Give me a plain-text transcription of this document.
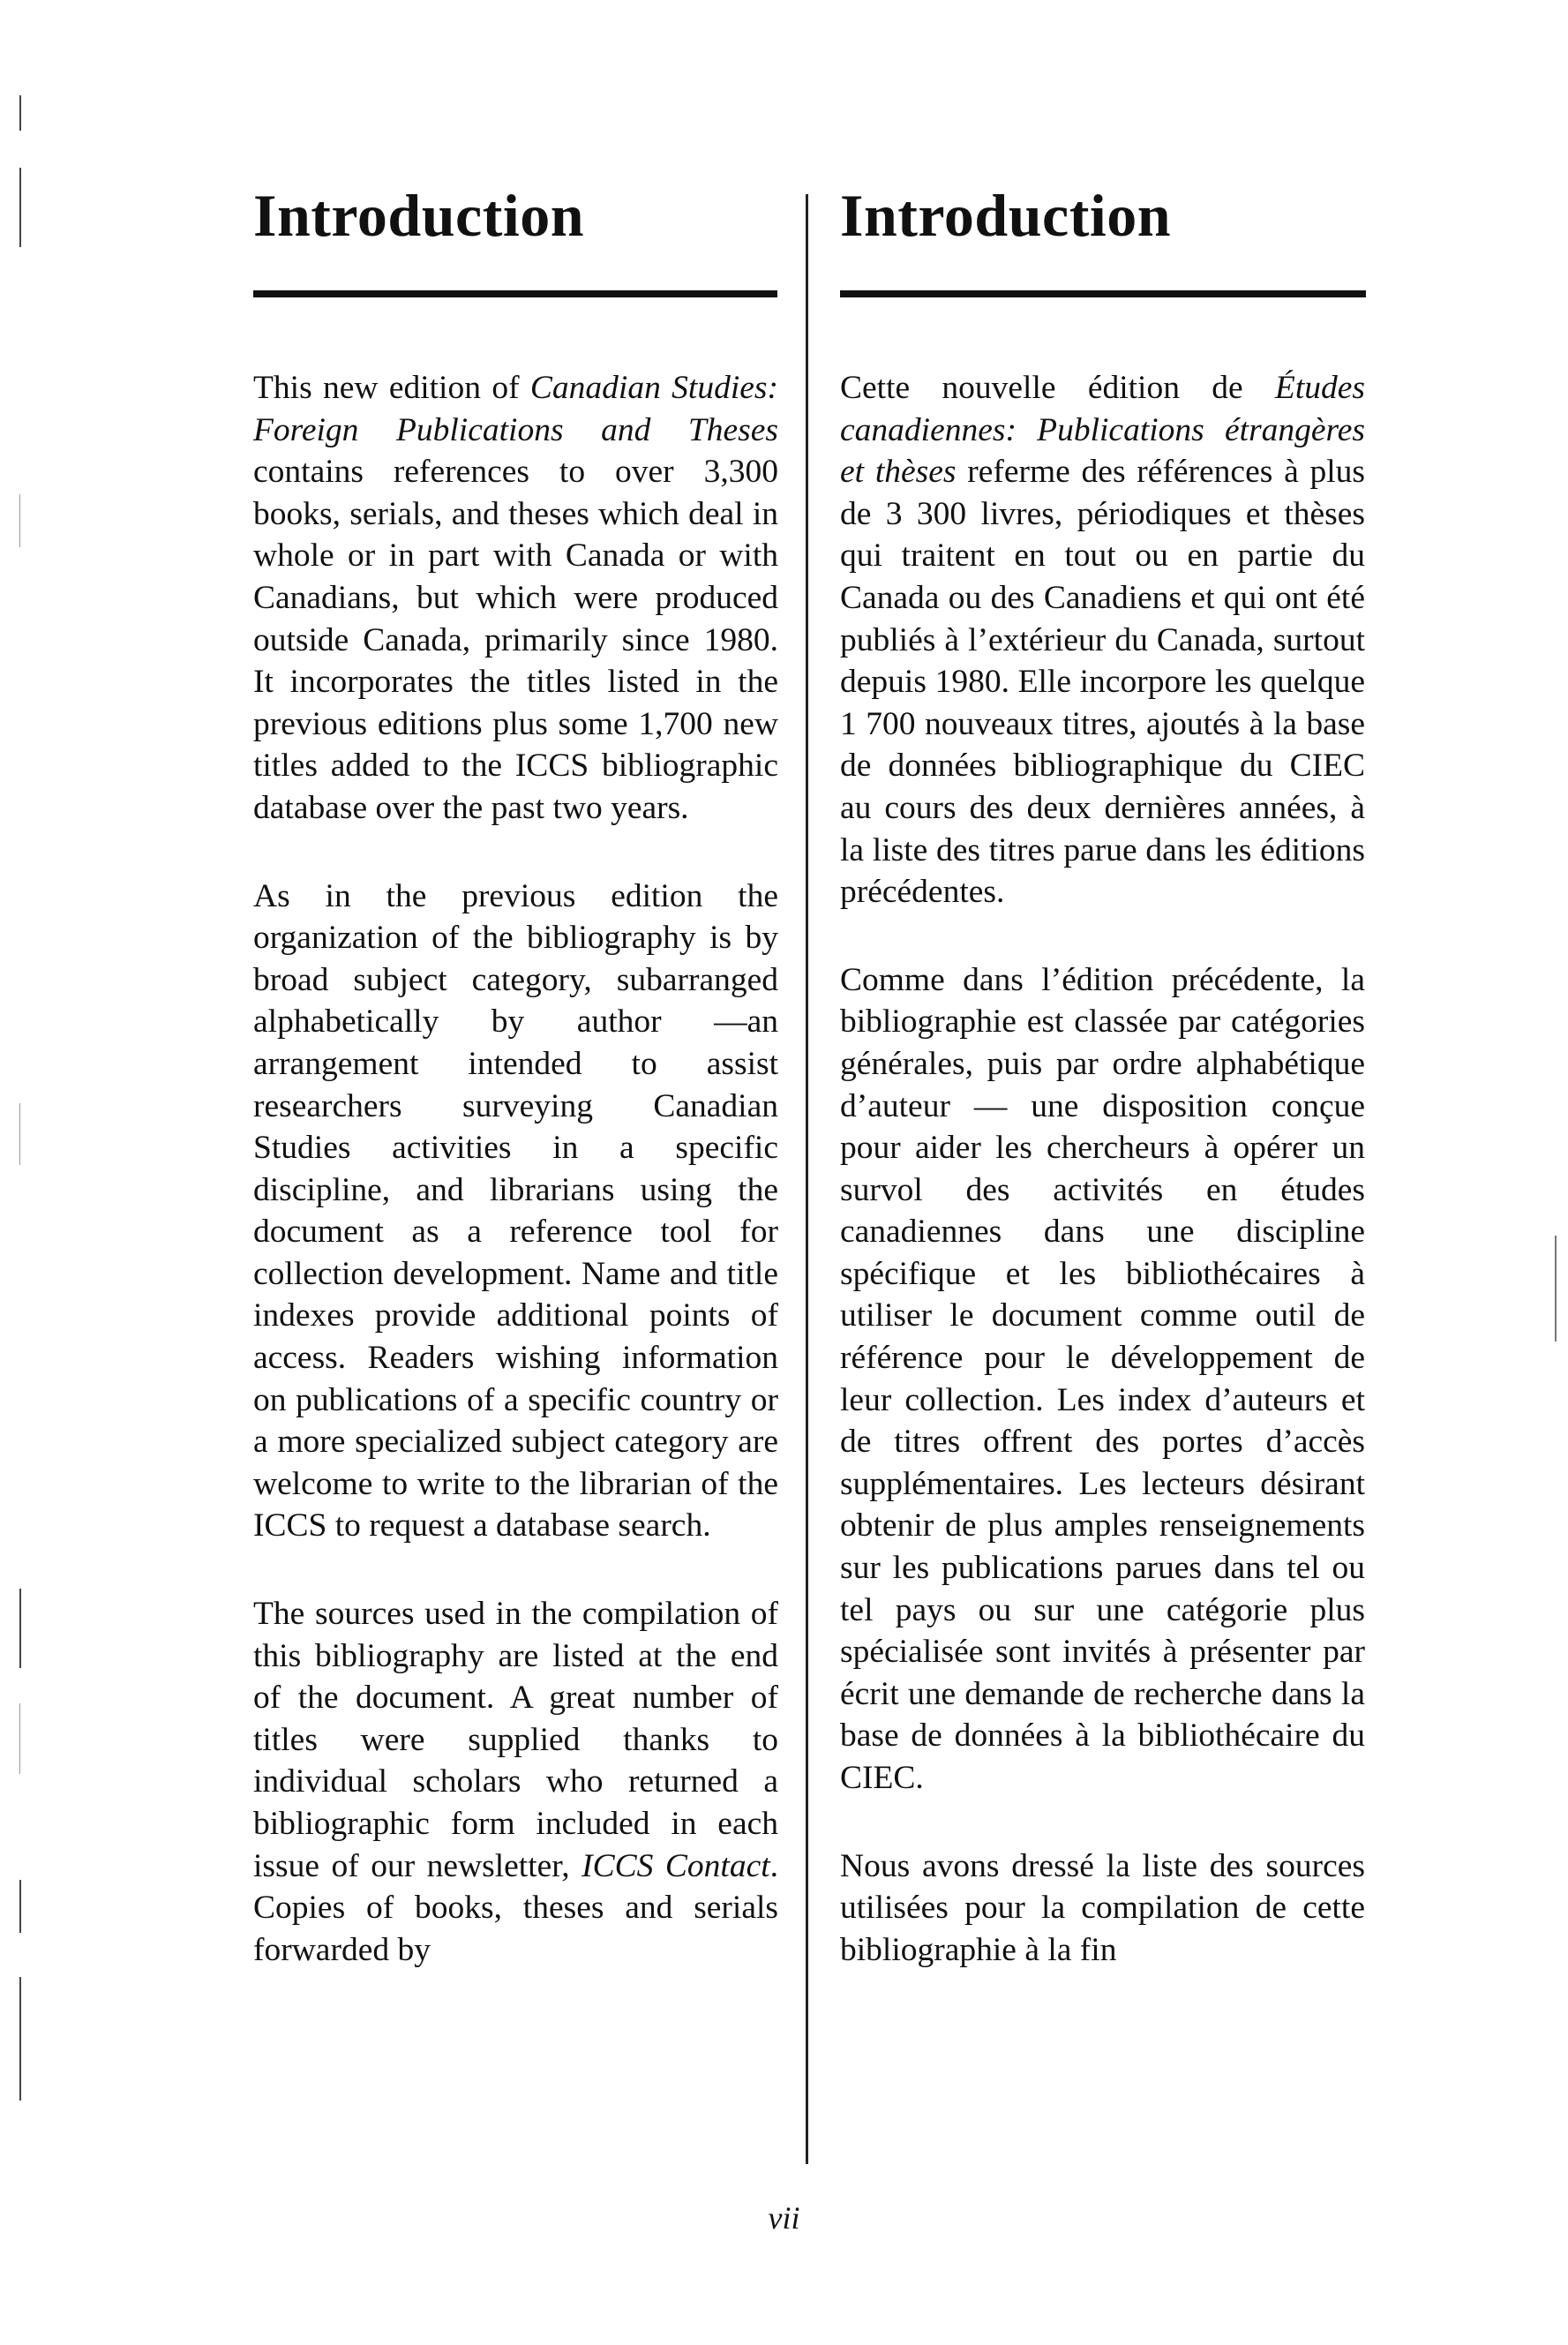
Introduction

This new edition of Canadian Studies: Foreign Publications and Theses contains references to over 3,300 books, serials, and theses which deal in whole or in part with Canada or with Canadians, but which were produced outside Canada, primarily since 1980. It incorporates the titles listed in the previous editions plus some 1,700 new titles added to the ICCS bibliographic database over the past two years.

As in the previous edition the organization of the bibliography is by broad subject category, subarranged alphabetically by author —an arrangement intended to assist researchers surveying Canadian Studies activities in a specific discipline, and librarians using the document as a reference tool for collection development. Name and title indexes provide additional points of access. Readers wishing information on publications of a specific country or a more specialized subject category are welcome to write to the librarian of the ICCS to request a database search.

The sources used in the compilation of this bibliography are listed at the end of the document. A great number of titles were supplied thanks to individual scholars who returned a bibliographic form included in each issue of our newsletter, ICCS Contact. Copies of books, theses and serials forwarded by

Introduction

Cette nouvelle édition de Études canadiennes: Publications étrangères et thèses referme des références à plus de 3 300 livres, périodiques et thèses qui traitent en tout ou en partie du Canada ou des Canadiens et qui ont été publiés à l’extérieur du Canada, surtout depuis 1980. Elle incorpore les quelque 1 700 nouveaux titres, ajoutés à la base de données bibliographique du CIEC au cours des deux dernières années, à la liste des titres parue dans les éditions précédentes.

Comme dans l’édition précédente, la bibliographie est classée par catégories générales, puis par ordre alphabétique d’auteur — une disposition conçue pour aider les chercheurs à opérer un survol des activités en études canadiennes dans une discipline spécifique et les bibliothécaires à utiliser le document comme outil de référence pour le développement de leur collection. Les index d’auteurs et de titres offrent des portes d’accès supplémentaires. Les lecteurs désirant obtenir de plus amples renseignements sur les publications parues dans tel ou tel pays ou sur une catégorie plus spécialisée sont invités à présenter par écrit une demande de recherche dans la base de données à la bibliothécaire du CIEC.

Nous avons dressé la liste des sources utilisées pour la compilation de cette bibliographie à la fin

vii
